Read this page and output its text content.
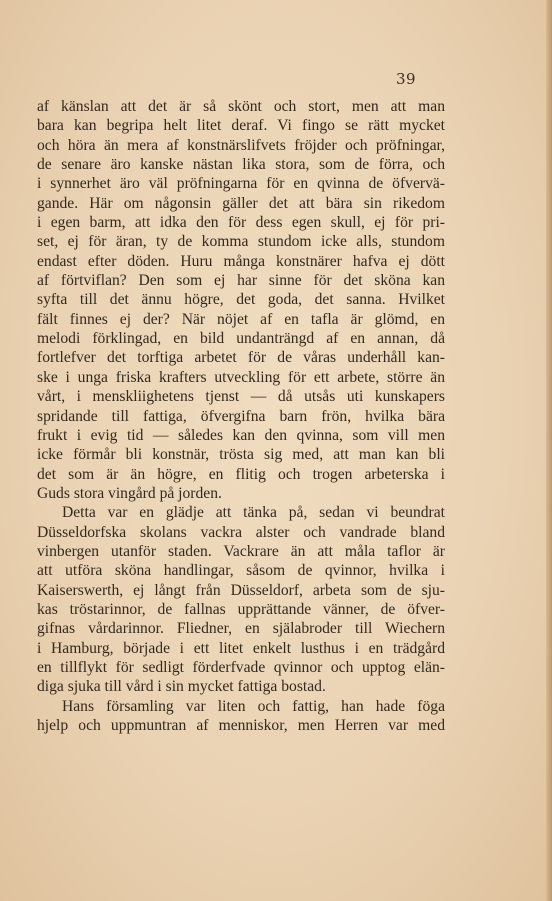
39
af känslan att det är så skönt och stort, men att man
bara kan begripa helt litet deraf. Vi fingo se rätt mycket
och höra än mera af konstnärslifvets fröjder och pröfningar,
de senare äro kanske nästan lika stora, som de förra, och
i synnerhet äro väl pröfningarna för en qvinna de öfvervä-
gande. Här om någonsin gäller det att bära sin rikedom
i egen barm, att idka den för dess egen skull, ej för pri-
set, ej för äran, ty de komma stundom icke alls, stundom
endast efter döden. Huru många konstnärer hafva ej dött
af förtviflan? Den som ej har sinne för det sköna kan
syfta till det ännu högre, det goda, det sanna. Hvilket
fält finnes ej der? När nöjet af en tafla är glömd, en
melodi förklingad, en bild undanträngd af en annan, då
fortlefver det torftiga arbetet för de våras underhåll kan-
ske i unga friska krafters utveckling för ett arbete, större än
vårt, i menskliighetens tjenst — då utsås uti kunskapers
spridande till fattiga, öfvergifna barn frön, hvilka bära
frukt i evig tid — således kan den qvinna, som vill men
icke förmår bli konstnär, trösta sig med, att man kan bli
det som är än högre, en flitig och trogen arbeterska i
Guds stora vingård på jorden.
Detta var en glädje att tänka på, sedan vi beundrat
Düsseldorfska skolans vackra alster och vandrade bland
vinbergen utanför staden. Vackrare än att måla taflor är
att utföra sköna handlingar, såsom de qvinnor, hvilka i
Kaiserswerth, ej långt från Düsseldorf, arbeta som de sju-
kas tröstarinnor, de fallnas upprättande vänner, de öfver-
gifnas vårdarinnor. Fliedner, en själabroder till Wiechern
i Hamburg, började i ett litet enkelt lusthus i en trädgård
en tillflykt för sedligt förderfvade qvinnor och upptog elän-
diga sjuka till vård i sin mycket fattiga bostad.
Hans församling var liten och fattig, han hade föga
hjelp och uppmuntran af menniskor, men Herren var med
